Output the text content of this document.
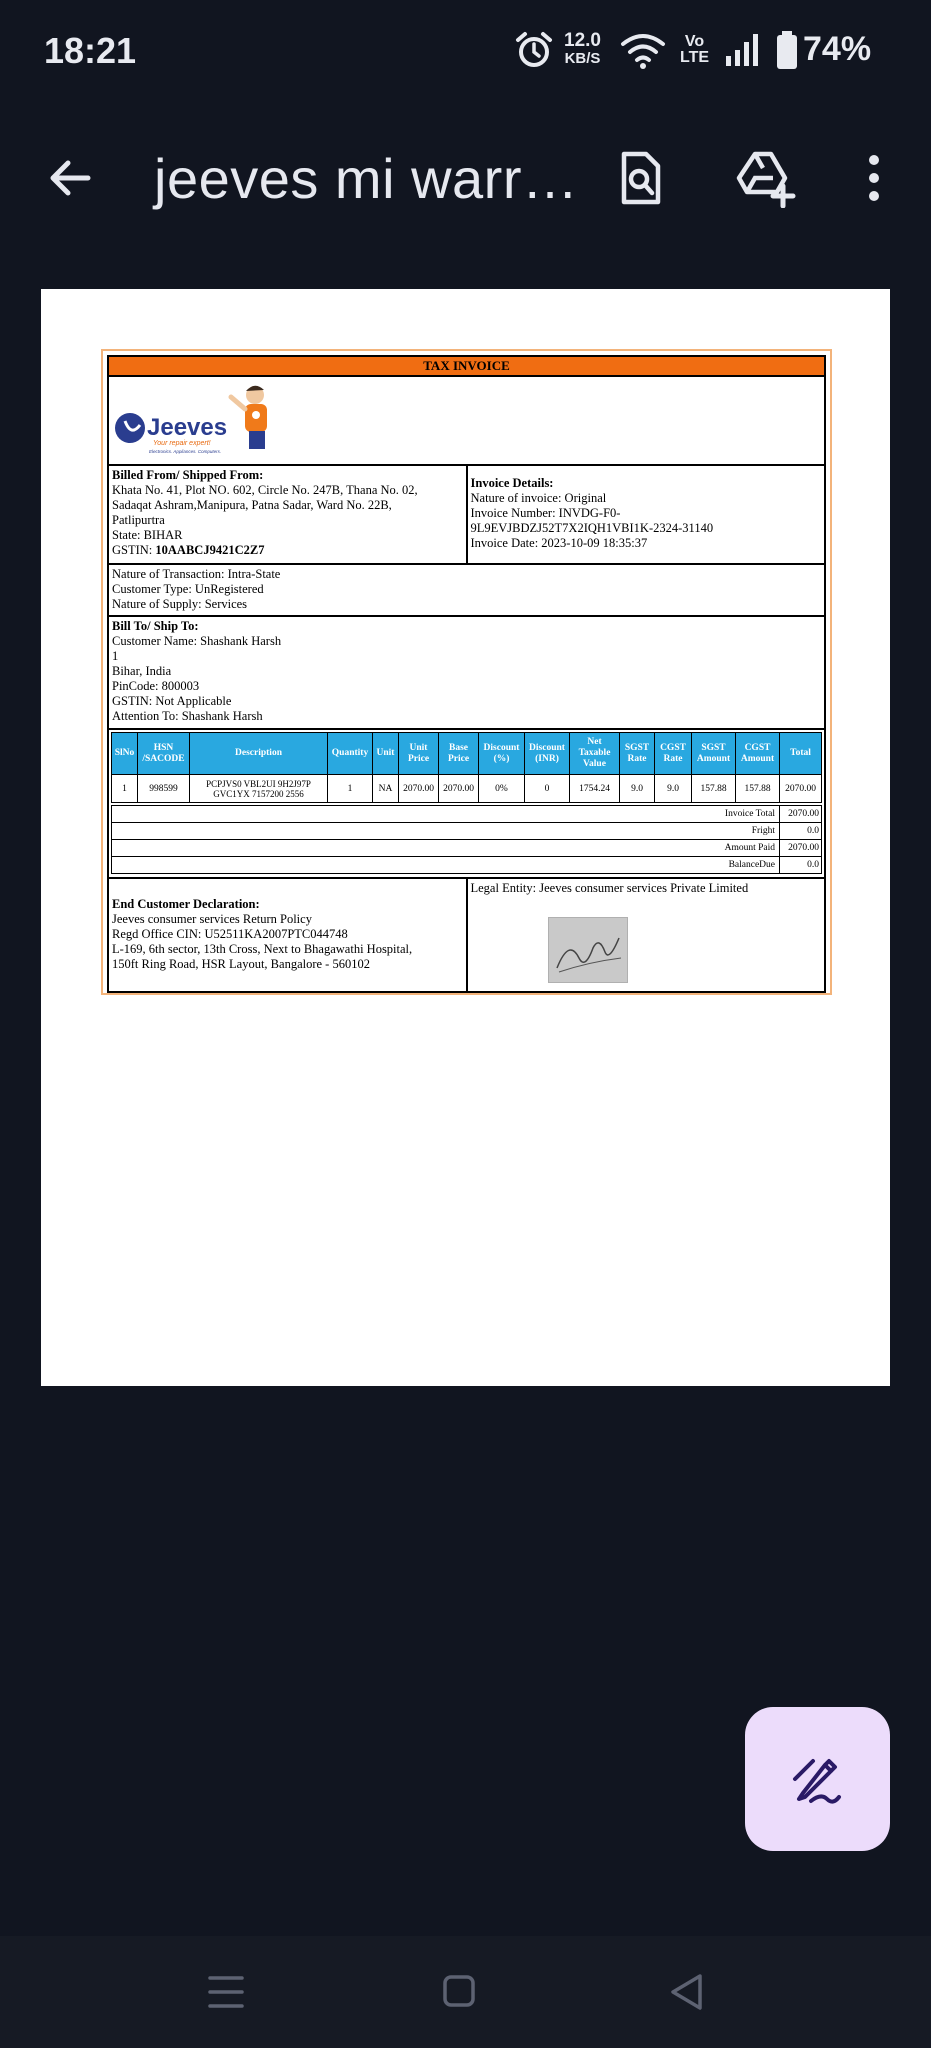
18:21	12.0
KB/S
Vo
LTE	74%
jeeves mi warr…
TAX INVOICE
Jeeves
Your repair expert!
Electronics. Appliances. Computers.
Billed From/ Shipped From:
Khata No. 41, Plot NO. 602, Circle No. 247B, Thana No. 02,
Sadaqat Ashram,Manipura, Patna Sadar, Ward No. 22B,
Patlipurtra
State: BIHAR
GSTIN: 10AABCJ9421C2Z7
Invoice Details:
Nature of invoice: Original
Invoice Number: INVDG-F0-
9L9EVJBDZJ52T7X2IQH1VBI1K-2324-31140
Invoice Date: 2023-10-09 18:35:37
Nature of Transaction: Intra-State
Customer Type: UnRegistered
Nature of Supply: Services
Bill To/ Ship To:
Customer Name: Shashank Harsh
1
Bihar, India
PinCode: 800003
GSTIN: Not Applicable
Attention To: Shashank Harsh
SlNo	HSN /SACODE	Description	Quantity	Unit	Unit Price	Base Price	Discount (%)	Discount (INR)	Net Taxable Value	SGST Rate	CGST Rate	SGST Amount	CGST Amount	Total
1	998599	PCPJVS0 VBL2UI 9H2J97P GVC1YX 7157200 2556	1	NA	2070.00	2070.00	0%	0	1754.24	9.0	9.0	157.88	157.88	2070.00
Invoice Total	2070.00
Fright	0.0
Amount Paid	2070.00
BalanceDue	0.0
End Customer Declaration:
Jeeves consumer services Return Policy
Regd Office CIN: U52511KA2007PTC044748
L-169, 6th sector, 13th Cross, Next to Bhagawathi Hospital,
150ft Ring Road, HSR Layout, Bangalore - 560102
Legal Entity: Jeeves consumer services Private Limited
